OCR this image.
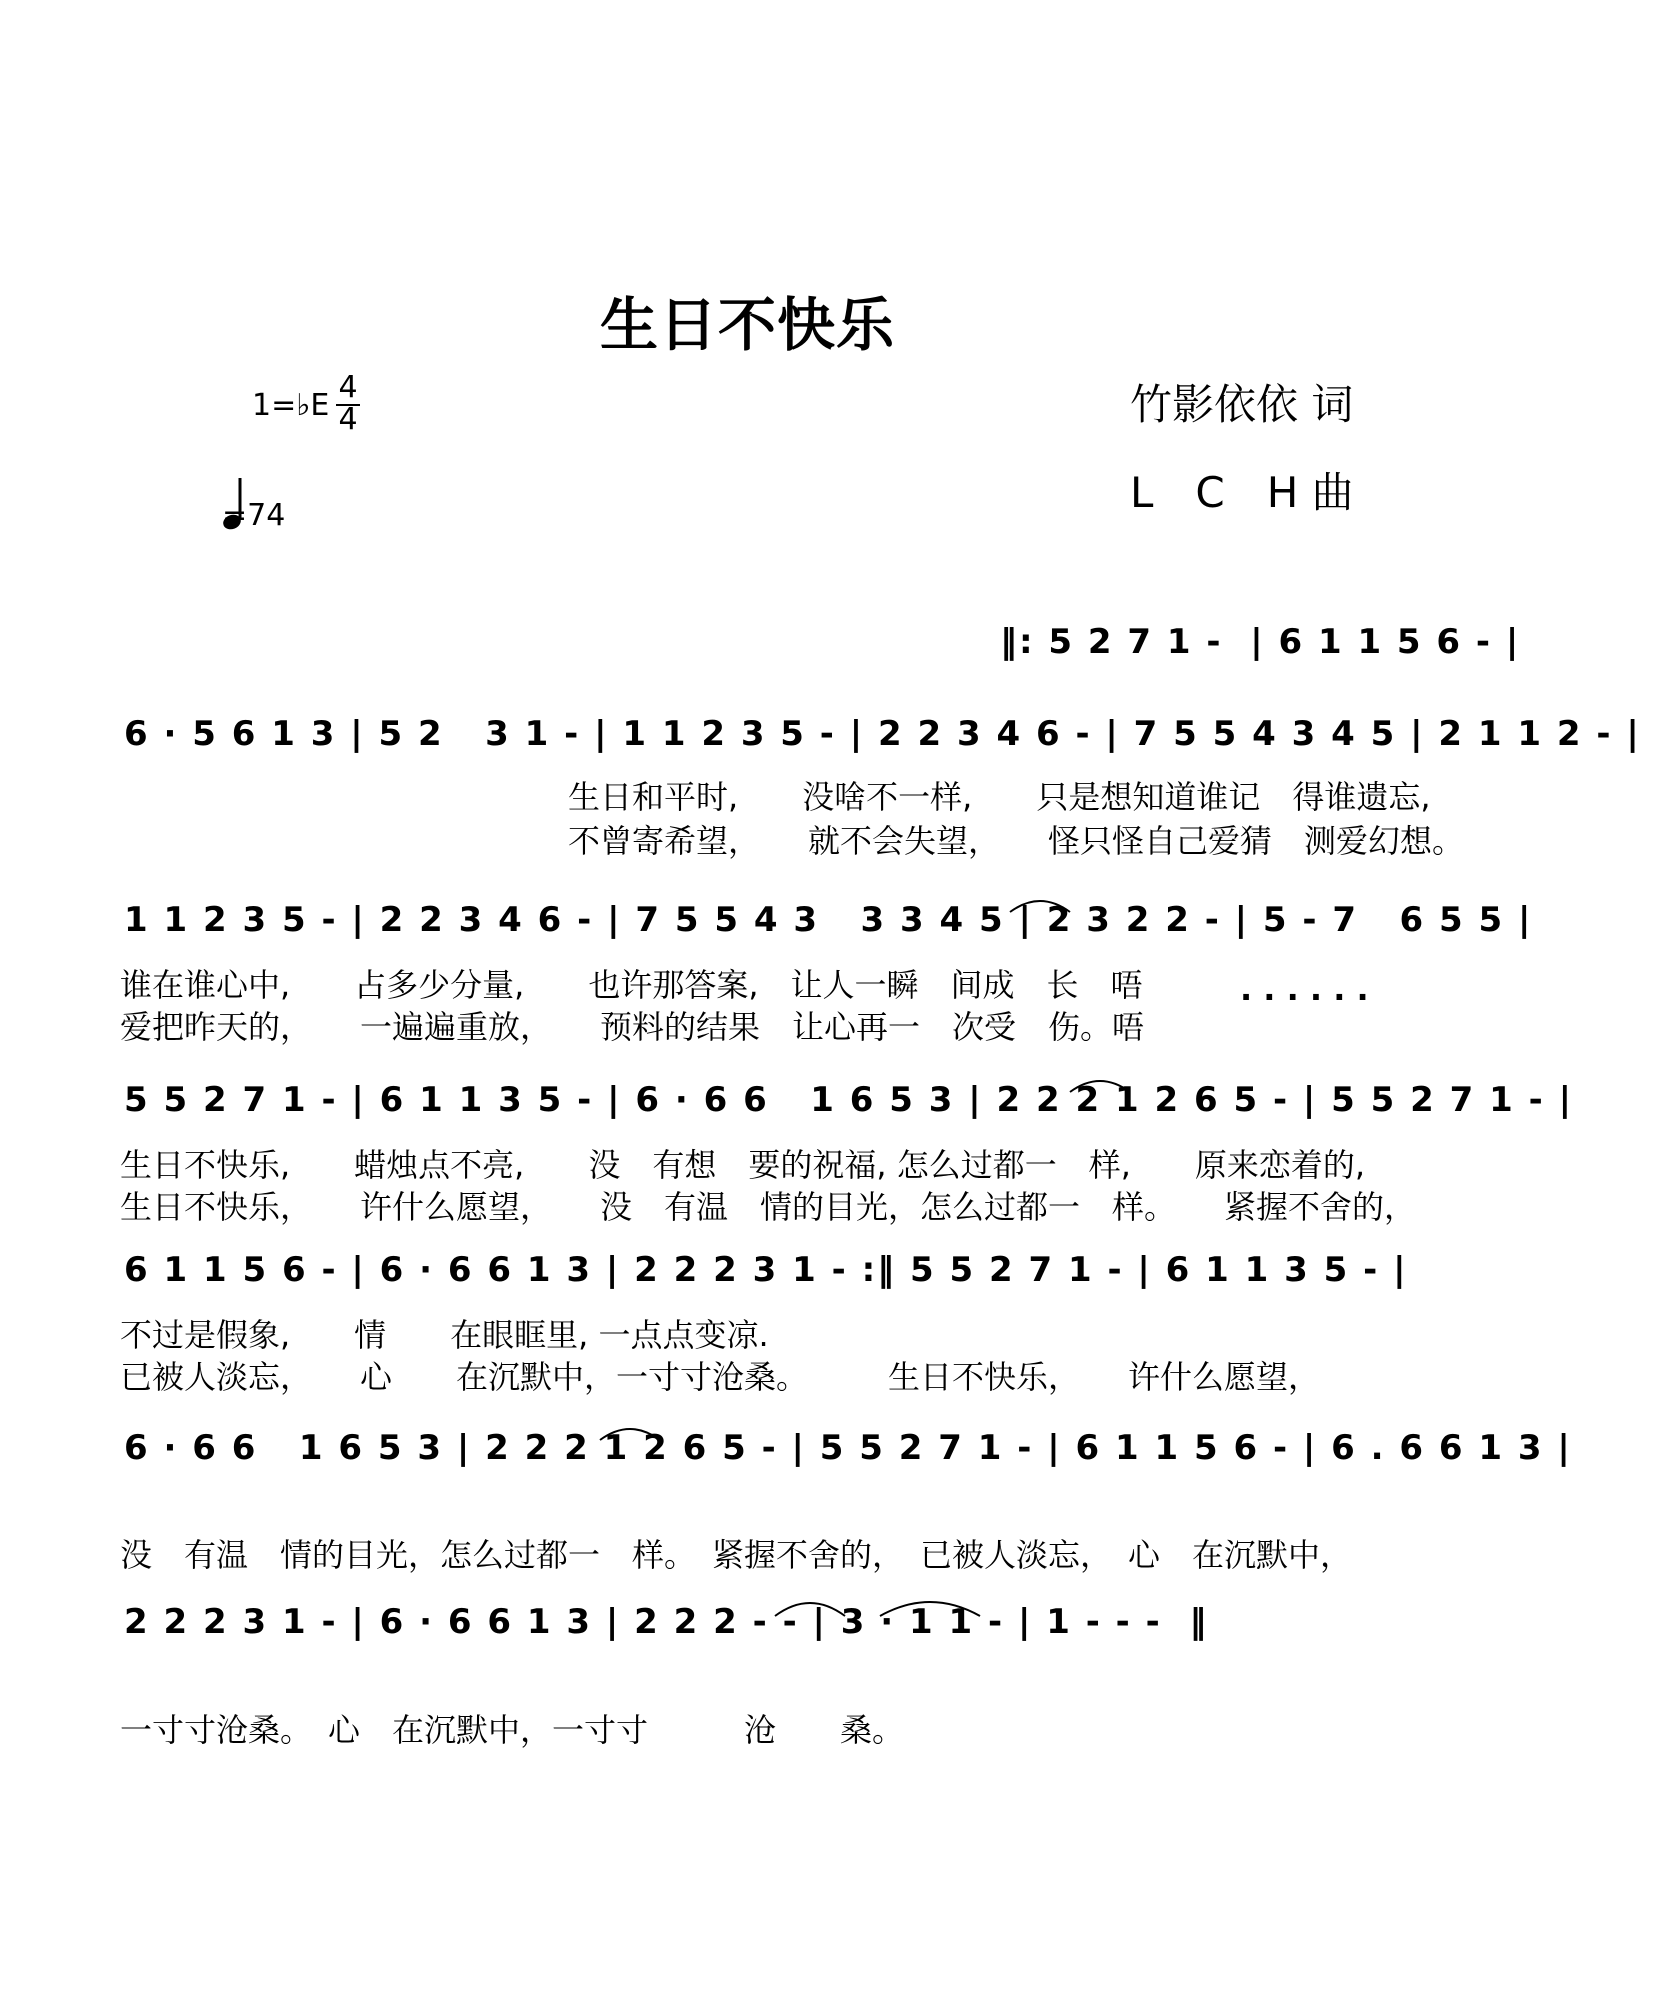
生日不快乐
1=♭E
4
4
=74
竹影依依 词
L　C　H 曲
‖: 5 2 7 1 -  | 6 1 1 5 6 - |
6 · 5 6 1 3 | 5 2   3 1 - | 1 1 2 3 5 - | 2 2 3 4 6 - | 7 5 5 4 3 4 5 | 2 1 1 2 - |
1 1 2 3 5 - | 2 2 3 4 6 - | 7 5 5 4 3   3 3 4 5 | 2 3 2 2 - | 5 - 7   6 5 5 |
5 5 2 7 1 - | 6 1 1 3 5 - | 6 · 6 6   1 6 5 3 | 2 2 2 1 2 6 5 - | 5 5 2 7 1 - |
6 1 1 5 6 - | 6 · 6 6 1 3 | 2 2 2 3 1 - :‖ 5 5 2 7 1 - | 6 1 1 3 5 - |
6 · 6 6   1 6 5 3 | 2 2 2 1 2 6 5 - | 5 5 2 7 1 - | 6 1 1 5 6 - | 6 . 6 6 1 3 |
2 2 2 3 1 - | 6 · 6 6 1 3 | 2 2 2 - - | 3 · 1 1 - | 1 - - -  ‖
生日和平时,　　没啥不一样,　　只是想知道谁记　得谁遗忘,
不曾寄希望，　　就不会失望，　　怪只怪自己爱猜　测爱幻想。
谁在谁心中,　　占多少分量,　　也许那答案,　让人一瞬　间成　长　唔
爱把昨天的，　　一遍遍重放，　　预料的结果　让心再一　次受　伤。唔
· · · · · ·
生日不快乐,　　蜡烛点不亮,　　没　有想　要的祝福, 怎么过都一　样,　　原来恋着的,
生日不快乐，　　许什么愿望，　　没　有温　情的目光，怎么过都一　样。　　紧握不舍的，
不过是假象,　　情　　在眼眶里, 一点点变凉.
已被人淡忘，　　心　　在沉默中，一寸寸沧桑。　　　生日不快乐，　　许什么愿望，
没　有温　情的目光，怎么过都一　样。　紧握不舍的，　已被人淡忘，　心　在沉默中，
一寸寸沧桑。　心　在沉默中，一寸寸　　　沧　　桑。
